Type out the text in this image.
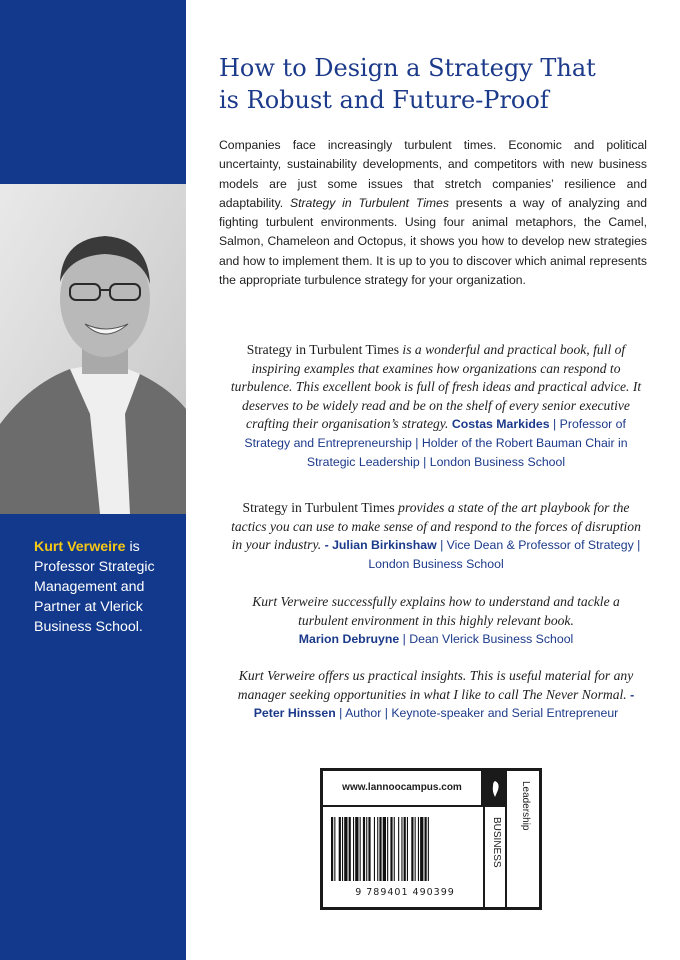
Kurt Verweire is Professor Strategic Management and Partner at Vlerick Business School.
How to Design a Strategy That
is Robust and Future-Proof
Companies face increasingly turbulent times. Economic and political uncertainty, sustainability developments, and competitors with new business models are just some issues that stretch companies’ resilience and adaptability. Strategy in Turbulent Times presents a way of analyzing and fighting turbulent environments. Using four animal metaphors, the Camel, Salmon, Chameleon and Octopus, it shows you how to develop new strategies and how to implement them. It is up to you to discover which animal represents the appropriate turbulence strategy for your organization.
Strategy in Turbulent Times is a wonderful and practical book, full of inspiring examples that examines how organizations can respond to turbulence. This excellent book is full of fresh ideas and practical advice. It deserves to be widely read and be on the shelf of every senior executive crafting their organisation’s strategy. Costas Markides | Professor of Strategy and Entrepreneurship | Holder of the Robert Bauman Chair in Strategic Leadership | London Business School
Strategy in Turbulent Times provides a state of the art playbook for the tactics you can use to make sense of and respond to the forces of disruption in your industry. - Julian Birkinshaw | Vice Dean & Professor of Strategy | London Business School
Kurt Verweire successfully explains how to understand and tackle a turbulent environment in this highly relevant book.
Marion Debruyne | Dean Vlerick Business School
Kurt Verweire offers us practical insights. This is useful material for any manager seeking opportunities in what I like to call The Never Normal. - Peter Hinssen | Author | Keynote-speaker and Serial Entrepreneur
www.lannoocampus.com
BUSINESS
Leadership
9 789401 490399
